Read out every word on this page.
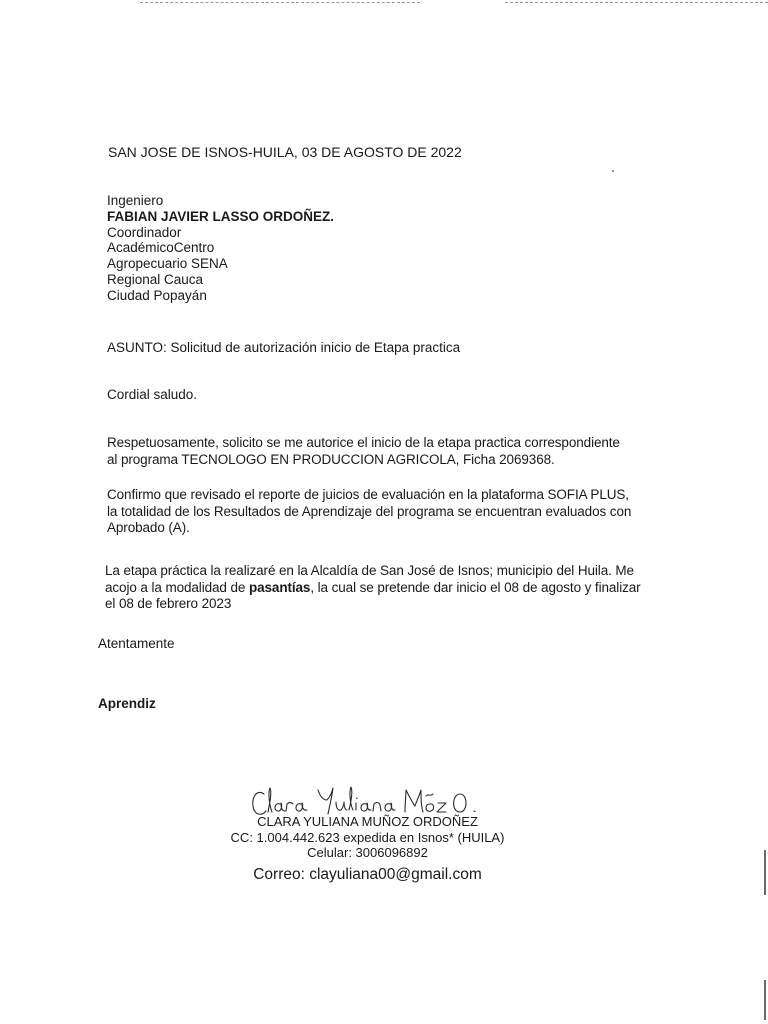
SAN JOSE DE ISNOS-HUILA, 03 DE AGOSTO DE 2022
Ingeniero
FABIAN JAVIER LASSO ORDOÑEZ.
Coordinador
AcadémicoCentro
Agropecuario SENA
Regional Cauca
Ciudad Popayán
ASUNTO: Solicitud de autorización inicio de Etapa practica
Cordial saludo.
Respetuosamente, solicito se me autorice el inicio de la etapa practica correspondiente
al programa TECNOLOGO EN PRODUCCION AGRICOLA, Ficha 2069368.
Confirmo que revisado el reporte de juicios de evaluación en la plataforma SOFIA PLUS,
la totalidad de los Resultados de Aprendizaje del programa se encuentran evaluados con
Aprobado (A).
La etapa práctica la realizaré en la Alcaldía de San José de Isnos; municipio del Huila. Me
acojo a la modalidad de pasantías, la cual se pretende dar inicio el 08 de agosto y finalizar
el 08 de febrero 2023
Atentamente
Aprendiz
CLARA YULIANA MUÑOZ ORDOÑEZ
CC: 1.004.442.623 expedida en Isnos* (HUILA)
Celular: 3006096892
Correo: clayuliana00@gmail.com
